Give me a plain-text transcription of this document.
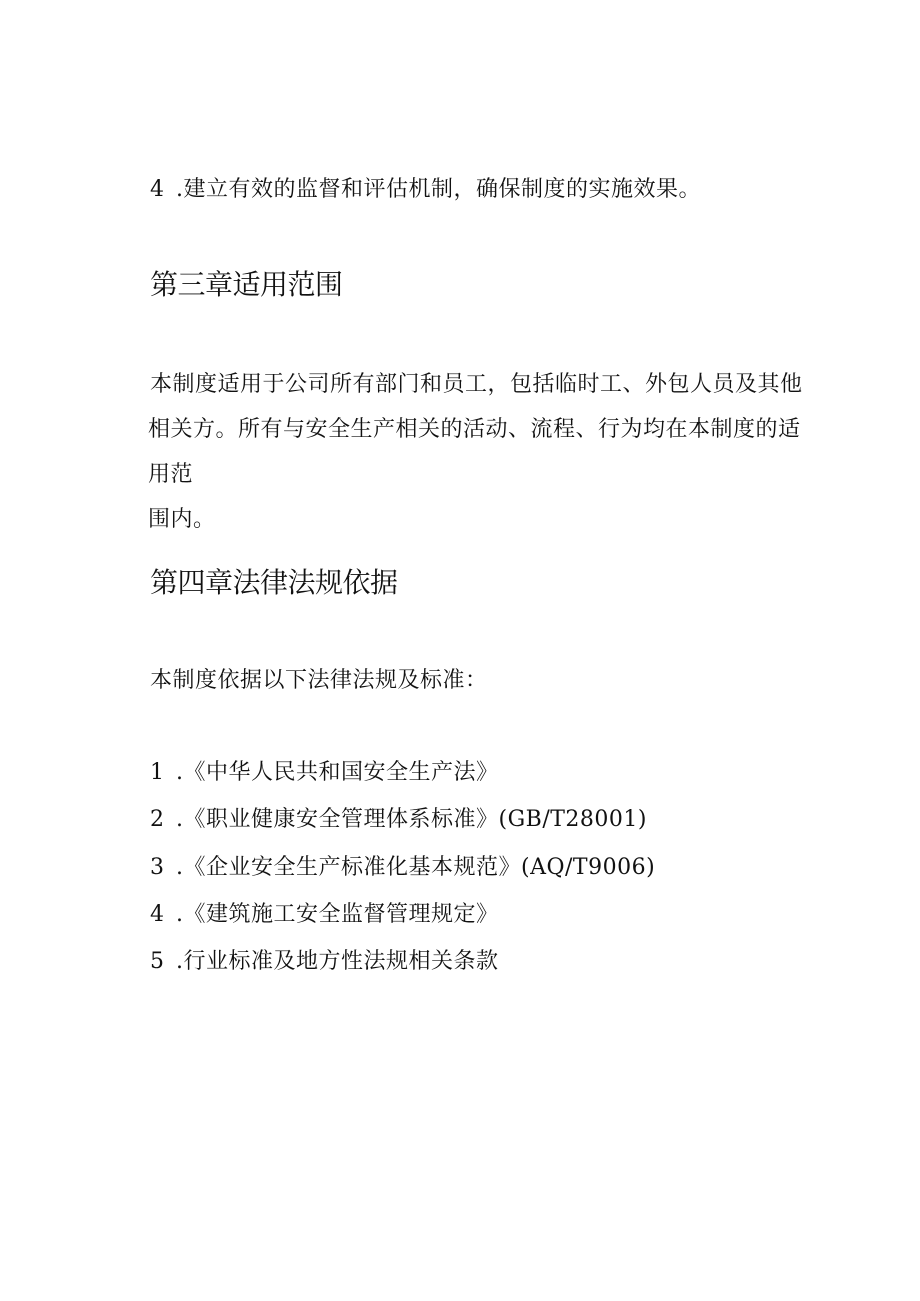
4 .建立有效的监督和评估机制，确保制度的实施效果。
第三章适用范围
本制度适用于公司所有部门和员工，包括临时工、外包人员及其他
相关方。所有与安全生产相关的活动、流程、行为均在本制度的适用范
围内。
第四章法律法规依据
本制度依据以下法律法规及标准：
1 .《中华人民共和国安全生产法》
2 .《职业健康安全管理体系标准》(GB/T28001)
3 .《企业安全生产标准化基本规范》(AQ/T9006)
4 .《建筑施工安全监督管理规定》
5 .行业标准及地方性法规相关条款
